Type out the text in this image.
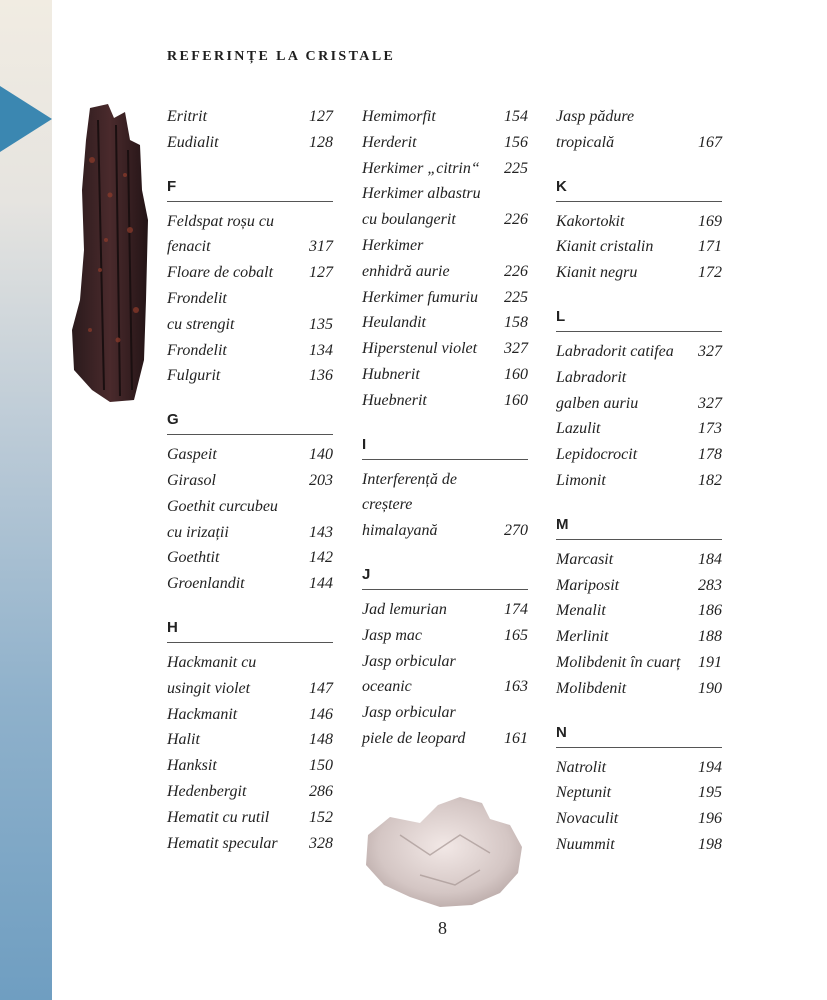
REFERINȚE LA CRISTALE
Eritrit	127
Eudialit	128
F
Feldspat roșu cu
fenacit	317
Floare de cobalt 127
Frondelit
cu strengit	135
Frondelit	134
Fulgurit	136
G
Gaspeit	140
Girasol	203
Goethit curcubeu
cu irizații	143
Goethtit	142
Groenlandit	144
H
Hackmanit cu
usingit violet	147
Hackmanit	146
Halit	148
Hanksit	150
Hedenbergit	286
Hematit cu rutil 152
Hematit specular 328
Hemimorfit	154
Herderit	156
Herkimer „citrin“ 225
Herkimer albastru
cu boulangerit	226
Herkimer
enhidră aurie	226
Herkimer fumuriu 225
Heulandit	158
Hiperstenul violet 327
Hubnerit	160
Huebnerit	160
I
Interferență de
creștere
himalayană	270
J
Jad lemurian	174
Jasp mac	165
Jasp orbicular
oceanic	163
Jasp orbicular
piele de leopard 161
Jasp pădure
tropicală	167
K
Kakortokit	169
Kianit cristalin	171
Kianit negru	172
L
Labradorit catifea 327
Labradorit
galben auriu	327
Lazulit	173
Lepidocrocit	178
Limonit	182
M
Marcasit	184
Mariposit	283
Menalit	186
Merlinit	188
Molibdenit în cuarț 191
Molibdenit	190
N
Natrolit	194
Neptunit	195
Novaculit	196
Nuummit	198
8
